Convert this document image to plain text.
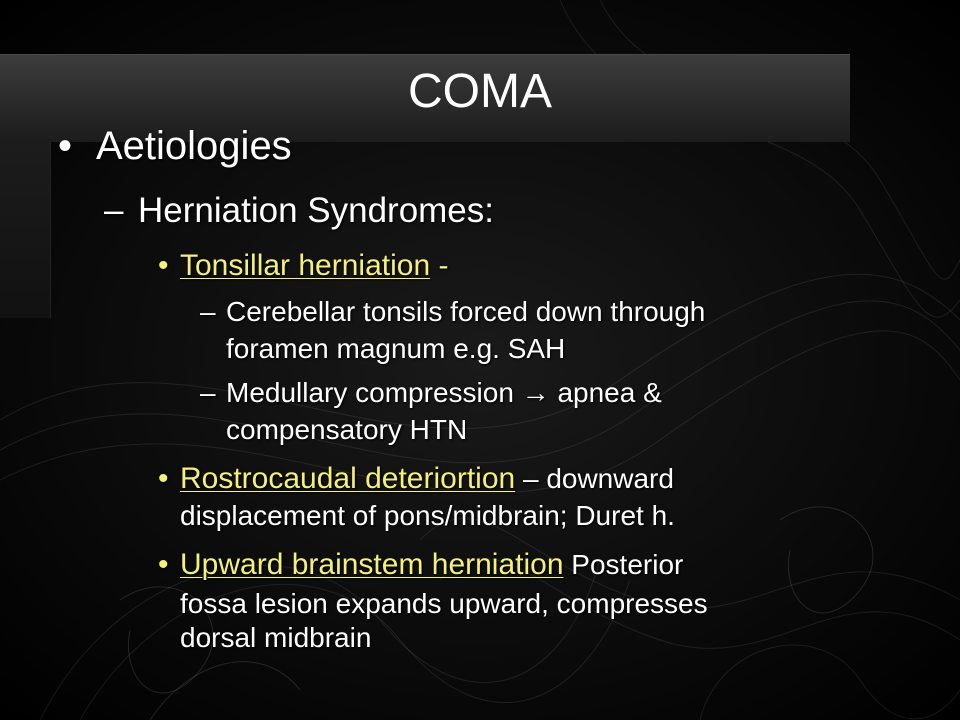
COMA
• Aetiologies
– Herniation Syndromes:
• Tonsillar herniation -
– Cerebellar tonsils forced down through
foramen magnum e.g. SAH
– Medullary compression → apnea &
compensatory HTN
• Rostrocaudal deteriortion – downward
displacement of pons/midbrain; Duret h.
• Upward brainstem herniation Posterior
fossa lesion expands upward, compresses
dorsal midbrain
